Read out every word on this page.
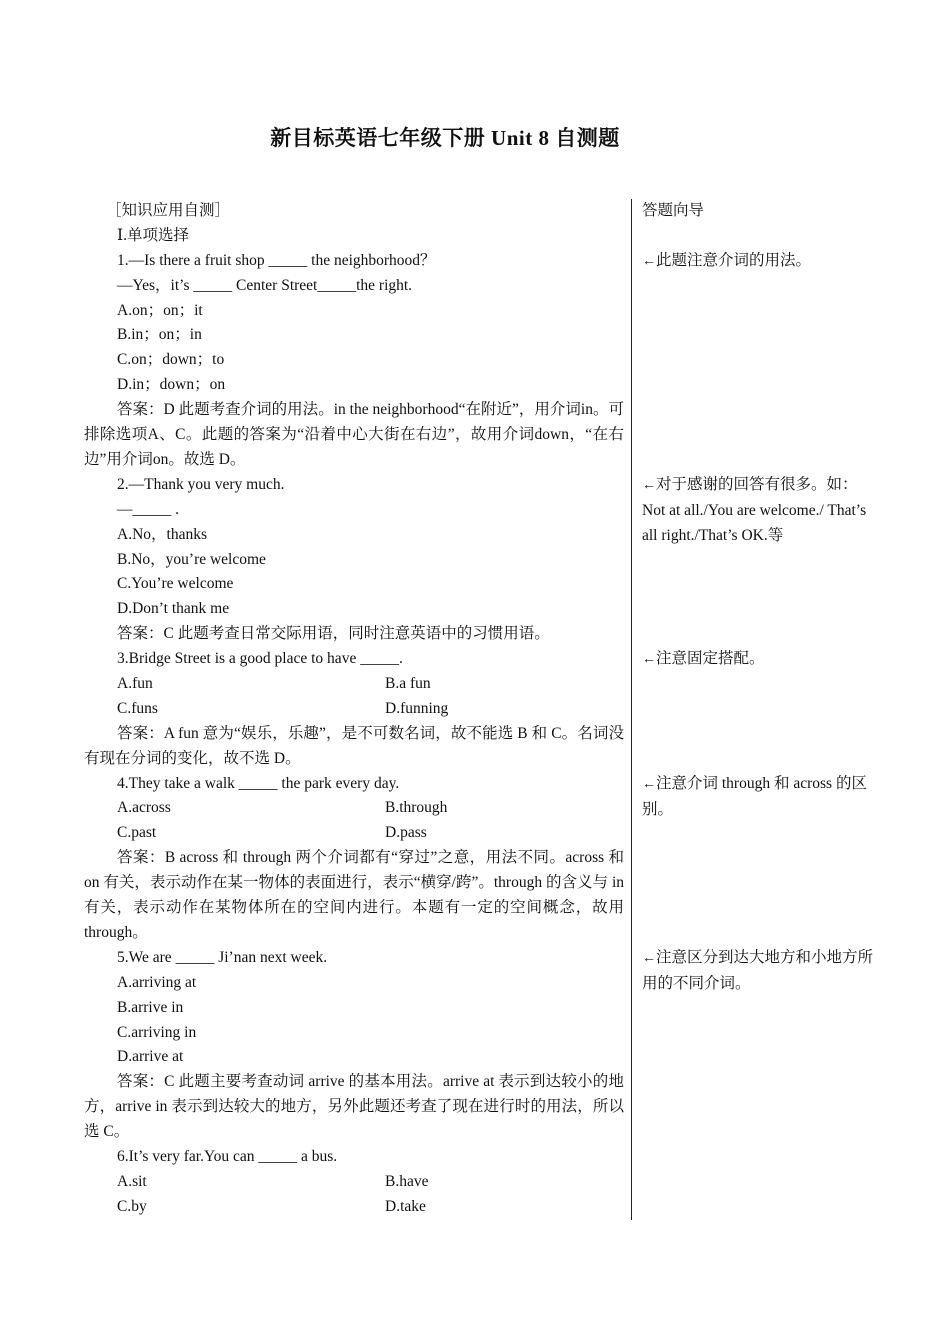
新目标英语七年级下册 Unit 8 自测题
［知识应用自测］
Ⅰ.单项选择
1.—Is there a fruit shop _____ the neighborhood？
—Yes，it’s _____ Center Street_____the right.
A.on；on；it
B.in；on；in
C.on；down；to
D.in；down；on
答案：D 此题考查介词的用法。in the neighborhood“在附近”，用介词in。可排除选项A、C。此题的答案为“沿着中心大街在右边”，故用介词down，“在右边”用介词on。故选 D。
2.—Thank you very much.
—_____ .
A.No，thanks
B.No，you’re welcome
C.You’re welcome
D.Don’t thank me
答案：C 此题考查日常交际用语，同时注意英语中的习惯用语。
3.Bridge Street is a good place to have _____.
A.fun	B.a fun
C.funs	D.funning
答案：A fun 意为“娱乐，乐趣”，是不可数名词，故不能选 B 和 C。名词没有现在分词的变化，故不选 D。
4.They take a walk _____ the park every day.
A.across	B.through
C.past	D.pass
答案：B across 和 through 两个介词都有“穿过”之意，用法不同。across 和 on 有关，表示动作在某一物体的表面进行，表示“横穿/跨”。through 的含义与 in 有关，表示动作在某物体所在的空间内进行。本题有一定的空间概念，故用 through。
5.We are _____ Ji’nan next week.
A.arriving at
B.arrive in
C.arriving in
D.arrive at
答案：C 此题主要考查动词 arrive 的基本用法。arrive at 表示到达较小的地方，arrive in 表示到达较大的地方，另外此题还考查了现在进行时的用法，所以选 C。
6.It’s very far.You can _____ a bus.
A.sit	B.have
C.by	D.take
答题向导
←此题注意介词的用法。
←对于感谢的回答有很多。如：Not at all./You are welcome./ That’s all right./That’s OK.等
←注意固定搭配。
←注意介词 through 和 across 的区别。
←注意区分到达大地方和小地方所用的不同介词。
